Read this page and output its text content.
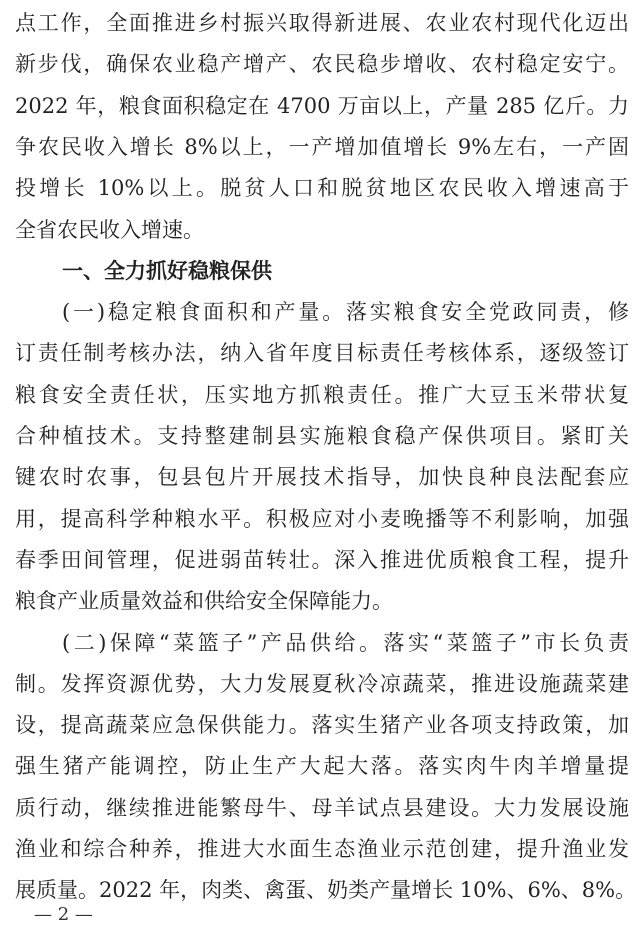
点工作，全面推进乡村振兴取得新进展、农业农村现代化迈出
新步伐，确保农业稳产增产、农民稳步增收、农村稳定安宁。
2022 年，粮食面积稳定在 4700 万亩以上，产量 285 亿斤。力
争农民收入增长 8%以上，一产增加值增长 9%左右，一产固
投增长 10%以上。脱贫人口和脱贫地区农民收入增速高于
全省农民收入增速。
一、全力抓好稳粮保供
(一)稳定粮食面积和产量。落实粮食安全党政同责，修
订责任制考核办法，纳入省年度目标责任考核体系，逐级签订
粮食安全责任状，压实地方抓粮责任。推广大豆玉米带状复
合种植技术。支持整建制县实施粮食稳产保供项目。紧盯关
键农时农事，包县包片开展技术指导，加快良种良法配套应
用，提高科学种粮水平。积极应对小麦晚播等不利影响，加强
春季田间管理，促进弱苗转壮。深入推进优质粮食工程，提升
粮食产业质量效益和供给安全保障能力。
(二)保障“菜篮子”产品供给。落实“菜篮子”市长负责
制。发挥资源优势，大力发展夏秋冷凉蔬菜，推进设施蔬菜建
设，提高蔬菜应急保供能力。落实生猪产业各项支持政策，加
强生猪产能调控，防止生产大起大落。落实肉牛肉羊增量提
质行动，继续推进能繁母牛、母羊试点县建设。大力发展设施
渔业和综合种养，推进大水面生态渔业示范创建，提升渔业发
展质量。2022 年，肉类、禽蛋、奶类产量增长 10%、6%、8%。
— 2 —
